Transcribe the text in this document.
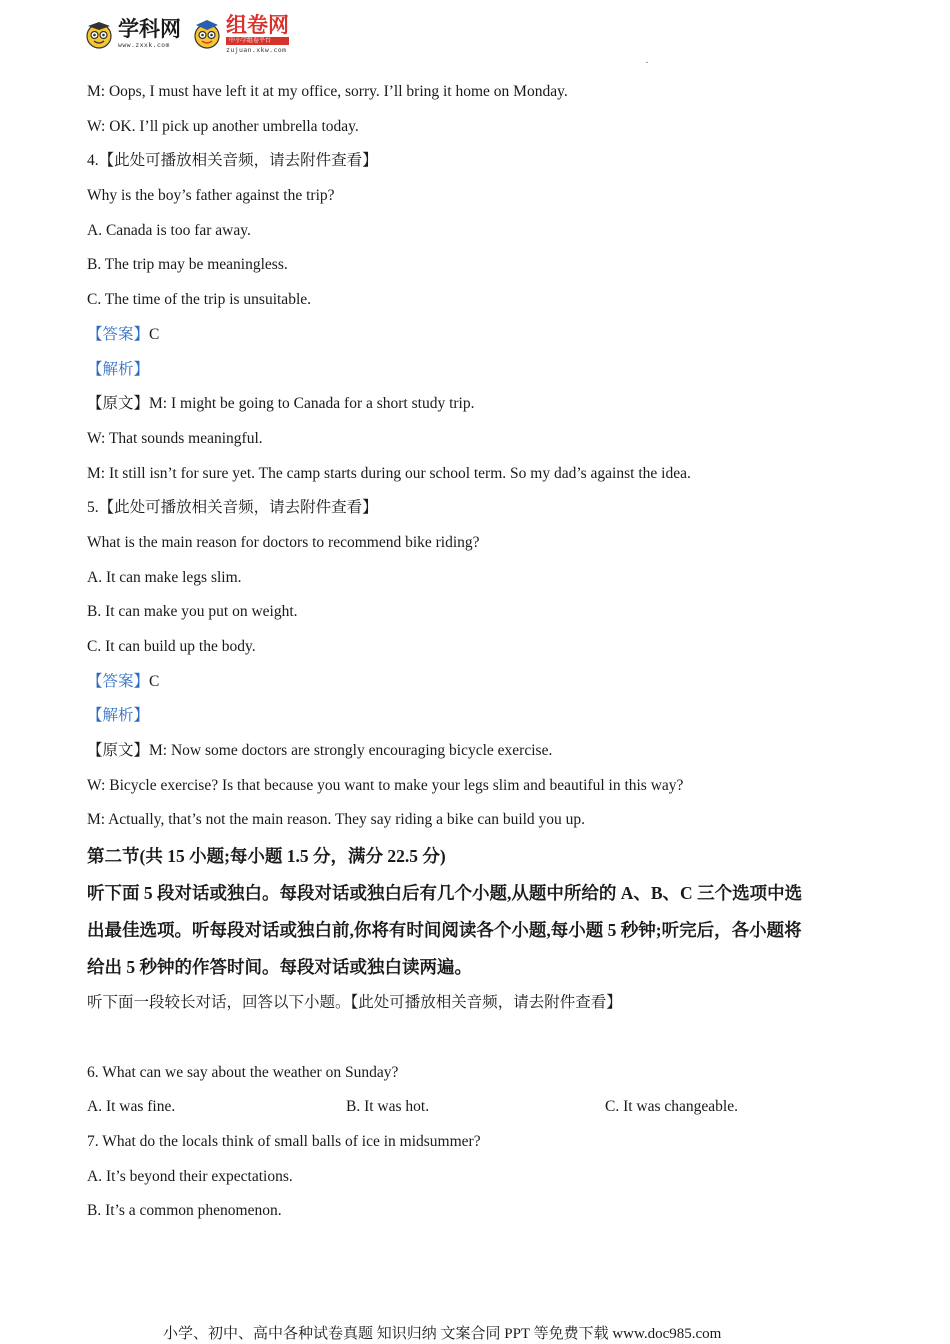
学科网
www.zxxk.com
组卷网
中小学组卷平台
zujuan.xkw.com
M: Oops, I must have left it at my office, sorry. I’ll bring it home on Monday.
W: OK. I’ll pick up another umbrella today.
4.【此处可播放相关音频，请去附件查看】
Why is the boy’s father against the trip?
A. Canada is too far away.
B. The trip may be meaningless.
C. The time of the trip is unsuitable.
【答案】C
【解析】
【原文】M: I might be going to Canada for a short study trip.
W: That sounds meaningful.
M: It still isn’t for sure yet. The camp starts during our school term. So my dad’s against the idea.
5.【此处可播放相关音频，请去附件查看】
What is the main reason for doctors to recommend bike riding?
A. It can make legs slim.
B. It can make you put on weight.
C. It can build up the body.
【答案】C
【解析】
【原文】M: Now some doctors are strongly encouraging bicycle exercise.
W: Bicycle exercise? Is that because you want to make your legs slim and beautiful in this way?
M: Actually, that’s not the main reason. They say riding a bike can build you up.
第二节(共 15 小题;每小题 1.5 分，满分 22.5 分)
听下面 5 段对话或独白。每段对话或独白后有几个小题,从题中所给的 A、B、C 三个选项中选
出最佳选项。听每段对话或独白前,你将有时间阅读各个小题,每小题 5 秒钟;听完后，各小题将
给出 5 秒钟的作答时间。每段对话或独白读两遍。
听下面一段较长对话，回答以下小题。【此处可播放相关音频，请去附件查看】
6. What can we say about the weather on Sunday?
A. It was fine.	B. It was hot.	C. It was changeable.
7. What do the locals think of small balls of ice in midsummer?
A. It’s beyond their expectations.
B. It’s a common phenomenon.
小学、初中、高中各种试卷真题 知识归纳 文案合同 PPT 等免费下载 www.doc985.com
